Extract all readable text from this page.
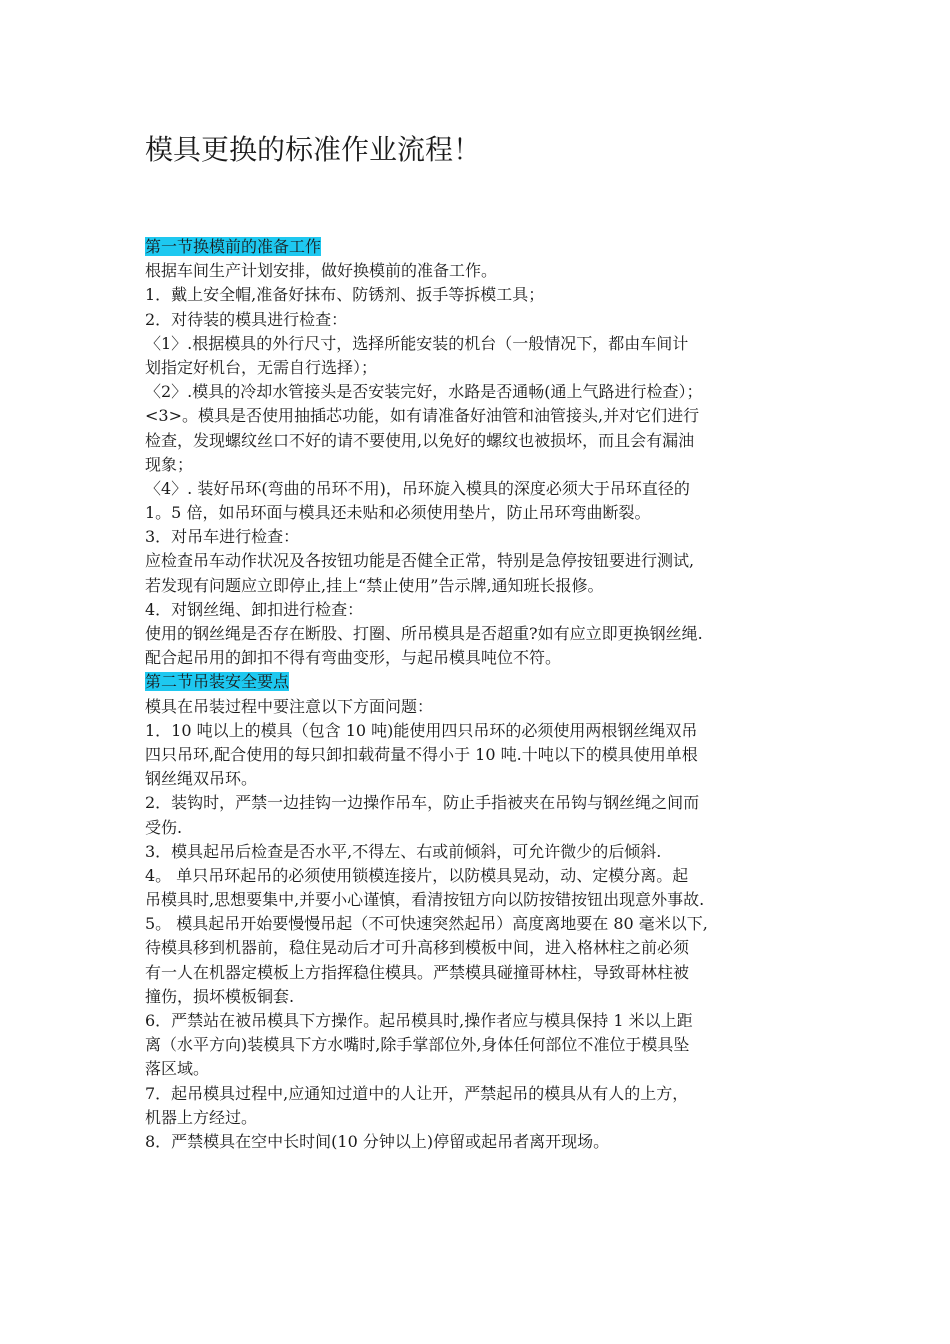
模具更换的标准作业流程！
第一节换模前的准备工作
根据车间生产计划安排，做好换模前的准备工作。
1．戴上安全帽,准备好抹布、防锈剂、扳手等拆模工具；
2．对待装的模具进行检查：
〈1〉.根据模具的外行尺寸，选择所能安装的机台（一般情况下，都由车间计
划指定好机台，无需自行选择）；
〈2〉.模具的冷却水管接头是否安装完好，水路是否通畅(通上气路进行检查）；
<3>。模具是否使用抽插芯功能，如有请准备好油管和油管接头,并对它们进行
检查，发现螺纹丝口不好的请不要使用,以免好的螺纹也被损坏，而且会有漏油
现象；
〈4〉. 装好吊环(弯曲的吊环不用)，吊环旋入模具的深度必须大于吊环直径的
1。5 倍，如吊环面与模具还未贴和必须使用垫片，防止吊环弯曲断裂。
3．对吊车进行检查：
应检查吊车动作状况及各按钮功能是否健全正常，特别是急停按钮要进行测试,
若发现有问题应立即停止,挂上“禁止使用”告示牌,通知班长报修。
4．对钢丝绳、卸扣进行检查：
使用的钢丝绳是否存在断股、打圈、所吊模具是否超重?如有应立即更换钢丝绳.
配合起吊用的卸扣不得有弯曲变形，与起吊模具吨位不符。
第二节吊装安全要点
模具在吊装过程中要注意以下方面问题：
1．10 吨以上的模具（包含 10 吨)能使用四只吊环的必须使用两根钢丝绳双吊
四只吊环,配合使用的每只卸扣载荷量不得小于 10 吨.十吨以下的模具使用单根
钢丝绳双吊环。
2．装钩时，严禁一边挂钩一边操作吊车，防止手指被夹在吊钩与钢丝绳之间而
受伤.
3．模具起吊后检查是否水平,不得左、右或前倾斜，可允许微少的后倾斜.
4。 单只吊环起吊的必须使用锁模连接片，以防模具晃动，动、定模分离。起
吊模具时,思想要集中,并要小心谨慎，看清按钮方向以防按错按钮出现意外事故.
5。 模具起吊开始要慢慢吊起（不可快速突然起吊）高度离地要在 80 毫米以下,
待模具移到机器前，稳住晃动后才可升高移到模板中间，进入格林柱之前必须
有一人在机器定模板上方指挥稳住模具。严禁模具碰撞哥林柱，导致哥林柱被
撞伤，损坏模板铜套.
6．严禁站在被吊模具下方操作。起吊模具时,操作者应与模具保持 1 米以上距
离（水平方向)装模具下方水嘴时,除手掌部位外,身体任何部位不准位于模具坠
落区域。
7．起吊模具过程中,应通知过道中的人让开，严禁起吊的模具从有人的上方，
机器上方经过。
8．严禁模具在空中长时间(10 分钟以上)停留或起吊者离开现场。
